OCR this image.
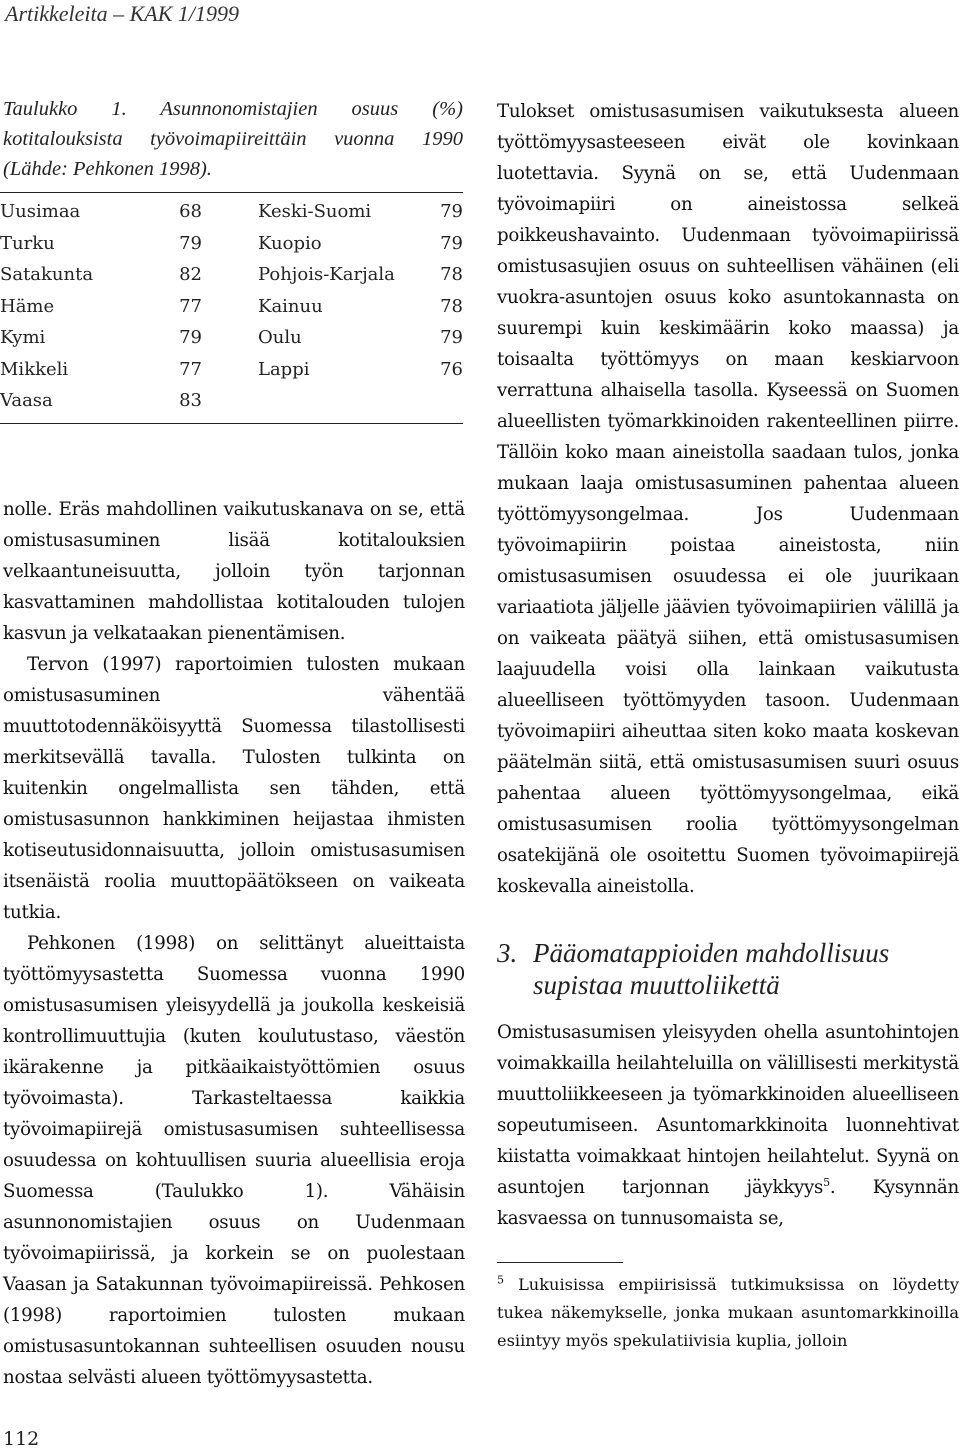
Artikkeleita – KAK 1/1999
Taulukko 1. Asunnonomistajien osuus (%) kotitalouksista työvoimapiireittäin vuonna 1990 (Lähde: Pehkonen 1998).
Uusimaa	68	Keski-Suomi	79
Turku	79	Kuopio	79
Satakunta	82	Pohjois-Karjala	78
Häme	77	Kainuu	78
Kymi	79	Oulu	79
Mikkeli	77	Lappi	76
Vaasa	83		

nolle. Eräs mahdollinen vaikutuskanava on se, että omistusasuminen lisää kotitalouksien velkaantuneisuutta, jolloin työn tarjonnan kasvattaminen mahdollistaa kotitalouden tulojen kasvun ja velkataakan pienentämisen.

Tervon (1997) raportoimien tulosten mukaan omistusasuminen vähentää muuttotodennäköisyyttä Suomessa tilastollisesti merkitsevällä tavalla. Tulosten tulkinta on kuitenkin ongelmallista sen tähden, että omistusasunnon hankkiminen heijastaa ihmisten kotiseutusidonnaisuutta, jolloin omistusasumisen itsenäistä roolia muuttopäätökseen on vaikeata tutkia.

Pehkonen (1998) on selittänyt alueittaista työttömyysastetta Suomessa vuonna 1990 omistusasumisen yleisyydellä ja joukolla keskeisiä kontrollimuuttujia (kuten koulutustaso, väestön ikärakenne ja pitkäaikaistyöttömien osuus työvoimasta). Tarkasteltaessa kaikkia työvoimapiirejä omistusasumisen suhteellisessa osuudessa on kohtuullisen suuria alueellisia eroja Suomessa (Taulukko 1). Vähäisin asunnonomistajien osuus on Uudenmaan työvoimapiirissä, ja korkein se on puolestaan Vaasan ja Satakunnan työvoimapiireissä. Pehkosen (1998) raportoimien tulosten mukaan omistusasuntokannan suhteellisen osuuden nousu nostaa selvästi alueen työttömyysastetta.

Tulokset omistusasumisen vaikutuksesta alueen työttömyysasteeseen eivät ole kovinkaan luotettavia. Syynä on se, että Uudenmaan työvoimapiiri on aineistossa selkeä poikkeushavainto. Uudenmaan työvoimapiirissä omistusasujien osuus on suhteellisen vähäinen (eli vuokra-asuntojen osuus koko asuntokannasta on suurempi kuin keskimäärin koko maassa) ja toisaalta työttömyys on maan keskiarvoon verrattuna alhaisella tasolla. Kyseessä on Suomen alueellisten työmarkkinoiden rakenteellinen piirre. Tällöin koko maan aineistolla saadaan tulos, jonka mukaan laaja omistusasuminen pahentaa alueen työttömyysongelmaa. Jos Uudenmaan työvoimapiirin poistaa aineistosta, niin omistusasumisen osuudessa ei ole juurikaan variaatiota jäljelle jäävien työvoimapiirien välillä ja on vaikeata päätyä siihen, että omistusasumisen laajuudella voisi olla lainkaan vaikutusta alueelliseen työttömyyden tasoon. Uudenmaan työvoimapiiri aiheuttaa siten koko maata koskevan päätelmän siitä, että omistusasumisen suuri osuus pahentaa alueen työttömyysongelmaa, eikä omistusasumisen roolia työttömyysongelman osatekijänä ole osoitettu Suomen työvoimapiirejä koskevalla aineistolla.

3. Pääomatappioiden mahdollisuus
supistaa muuttoliikettä

Omistusasumisen yleisyyden ohella asuntohintojen voimakkailla heilahteluilla on välillisesti merkitystä muuttoliikkeeseen ja työmarkkinoiden alueelliseen sopeutumiseen. Asuntomarkkinoita luonnehtivat kiistatta voimakkaat hintojen heilahtelut. Syynä on asuntojen tarjonnan jäykkyys$^5$. Kysynnän kasvaessa on tunnusomaista se,

$^5$ Lukuisissa empiirisissä tutkimuksissa on löydetty tukea näkemykselle, jonka mukaan asuntomarkkinoilla esiintyy myös spekulatiivisia kuplia, jolloin
112
